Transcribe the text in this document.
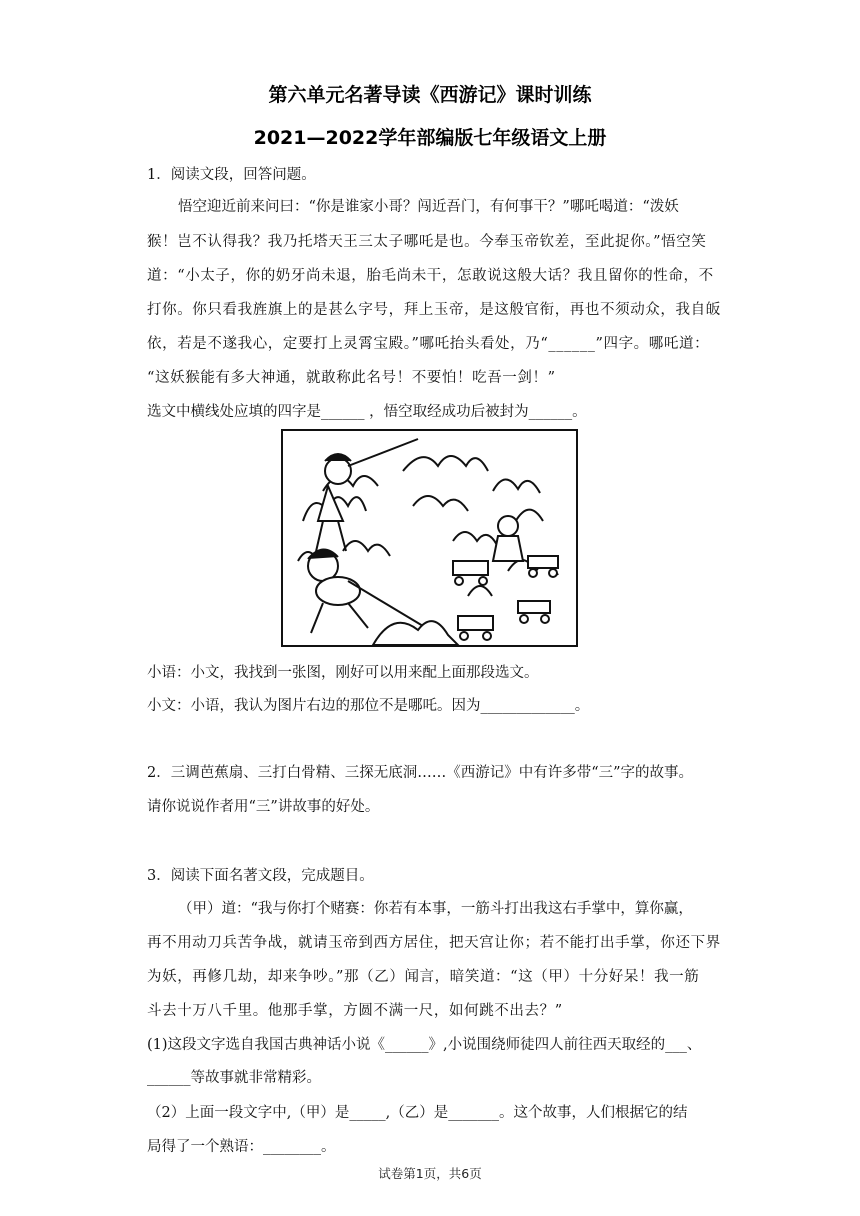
第六单元名著导读《西游记》课时训练
2021—2022学年部编版七年级语文上册
1．阅读文段，回答问题。
悟空迎近前来问曰：“你是谁家小哥？闯近吾门，有何事干？”哪吒喝道：“泼妖
猴！岂不认得我？我乃托塔天王三太子哪吒是也。今奉玉帝钦差，至此捉你。”悟空笑
道：“小太子，你的奶牙尚未退，胎毛尚未干，怎敢说这般大话？我且留你的性命，不
打你。你只看我旌旗上的是甚么字号，拜上玉帝，是这般官衔，再也不须动众，我自皈
依，若是不遂我心，定要打上灵霄宝殿。”哪吒抬头看处，乃“______”四字。哪吒道：
“这妖猴能有多大神通，就敢称此名号！不要怕！吃吾一剑！”
选文中横线处应填的四字是______ ，悟空取经成功后被封为______。
小语：小文，我找到一张图，刚好可以用来配上面那段选文。
小文：小语，我认为图片右边的那位不是哪吒。因为_____________。
2．三调芭蕉扇、三打白骨精、三探无底洞……《西游记》中有许多带“三”字的故事。
请你说说作者用“三”讲故事的好处。
3．阅读下面名著文段，完成题目。
（甲）道：“我与你打个赌赛：你若有本事，一筋斗打出我这右手掌中，算你赢，
再不用动刀兵苦争战，就请玉帝到西方居住，把天宫让你；若不能打出手掌，你还下界
为妖，再修几劫，却来争吵。”那（乙）闻言，暗笑道：“这（甲）十分好呆！我一筋
斗去十万八千里。他那手掌，方圆不满一尺，如何跳不出去？”
(1)这段文字选自我国古典神话小说《______》,小说围绕师徒四人前往西天取经的___、
______等故事就非常精彩。
（2）上面一段文字中,（甲）是_____,（乙）是_______。这个故事，人们根据它的结
局得了一个熟语：________。
试卷第1页，共6页
